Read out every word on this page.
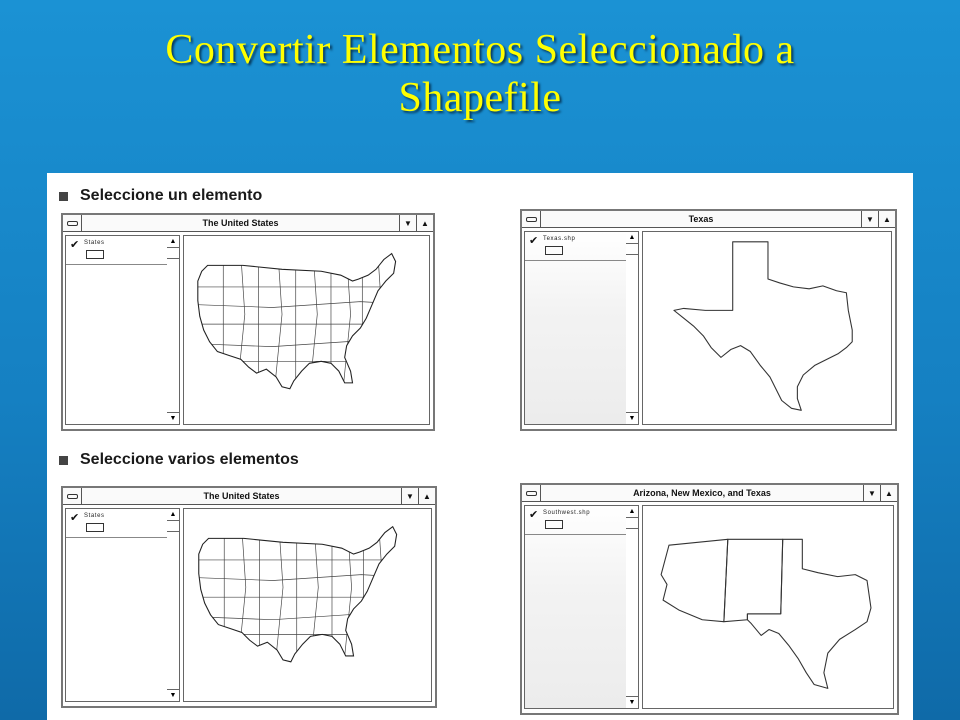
Convertir Elementos Seleccionado a
Shapefile
Seleccione un elemento
The United States	▼	▲
✔ States	▲
▼
Texas	▼	▲
✔ Texas.shp	▲
▼
Seleccione varios elementos
The United States	▼	▲
✔ States	▲
▼
Arizona, New Mexico, and Texas	▼	▲
✔ Southwest.shp	▲
▼
